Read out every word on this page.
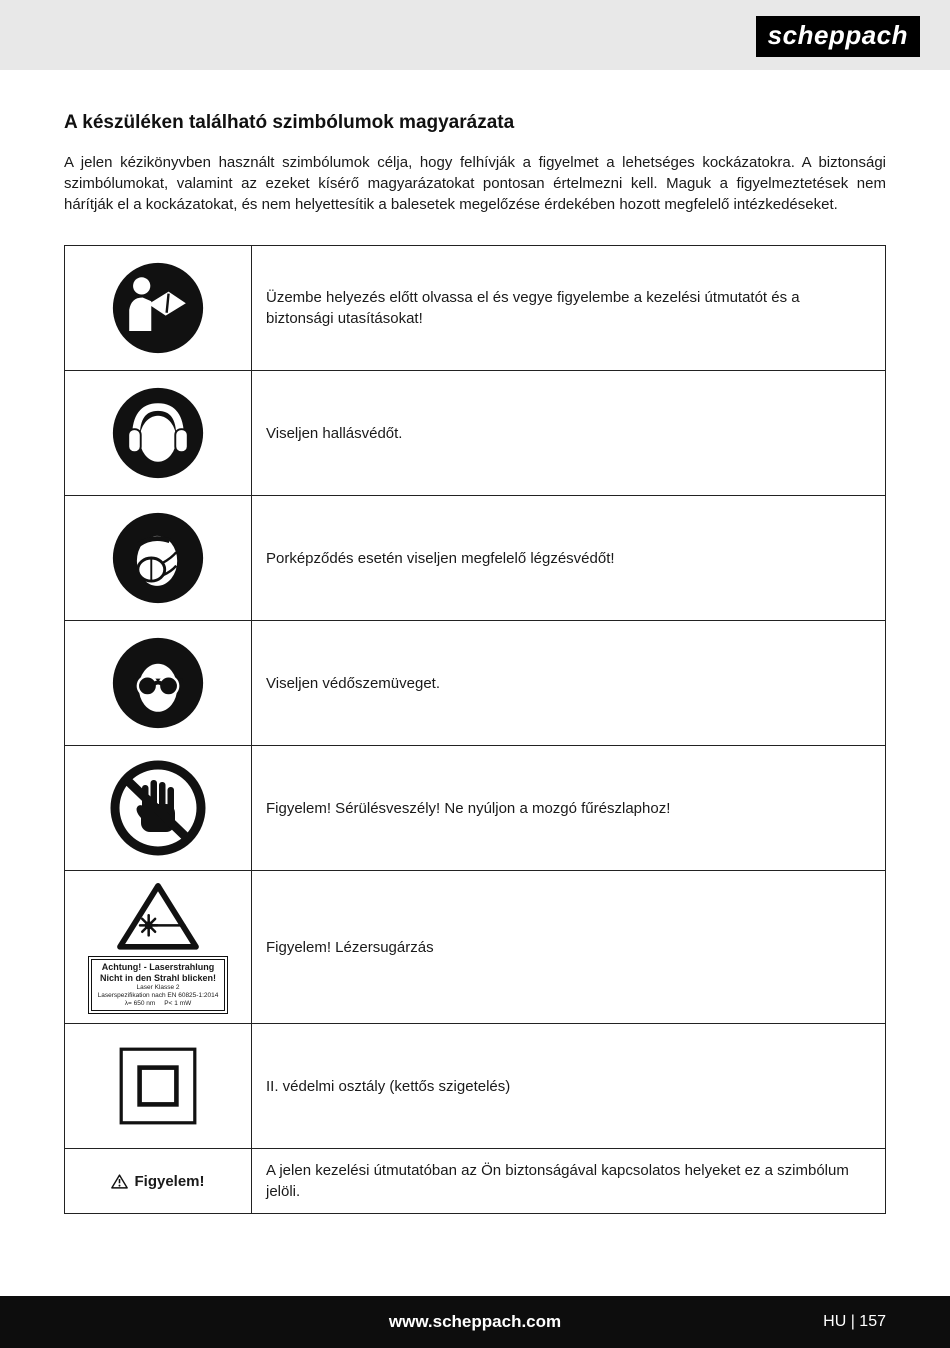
scheppach
A készüléken található szimbólumok magyarázata

A jelen kézikönyvben használt szimbólumok célja, hogy felhívják a figyelmet a lehetséges kockázatokra. A biztonsági szimbólumokat, valamint az ezeket kísérő magyarázatokat pontosan értelmezni kell. Maguk a figyelmeztetések nem hárítják el a kockázatokat, és nem helyettesítik a balesetek megelőzése érdekében hozott megfelelő intézkedéseket.

	Üzembe helyezés előtt olvassa el és vegye figyelembe a kezelési útmutatót és a biztonsági utasításokat!

	Viseljen hallásvédőt.

	Porképződés esetén viseljen megfelelő légzésvédőt!

	Viseljen védőszemüveget.

	Figyelem! Sérülésveszély! Ne nyúljon a mozgó fűrészlaphoz!

Achtung! - Laserstrahlung
Nicht in den Strahl blicken!
Laser Klasse 2
Laserspezifikation nach EN 60825-1:2014
λ= 650 nm     P< 1 mW	Figyelem! Lézersugárzás

	II. védelmi osztály (kettős szigetelés)

Figyelem!	A jelen kezelési útmutatóban az Ön biztonságával kapcsolatos helyeket ez a szimbólum jelöli.
www.scheppach.com	HU | 157
